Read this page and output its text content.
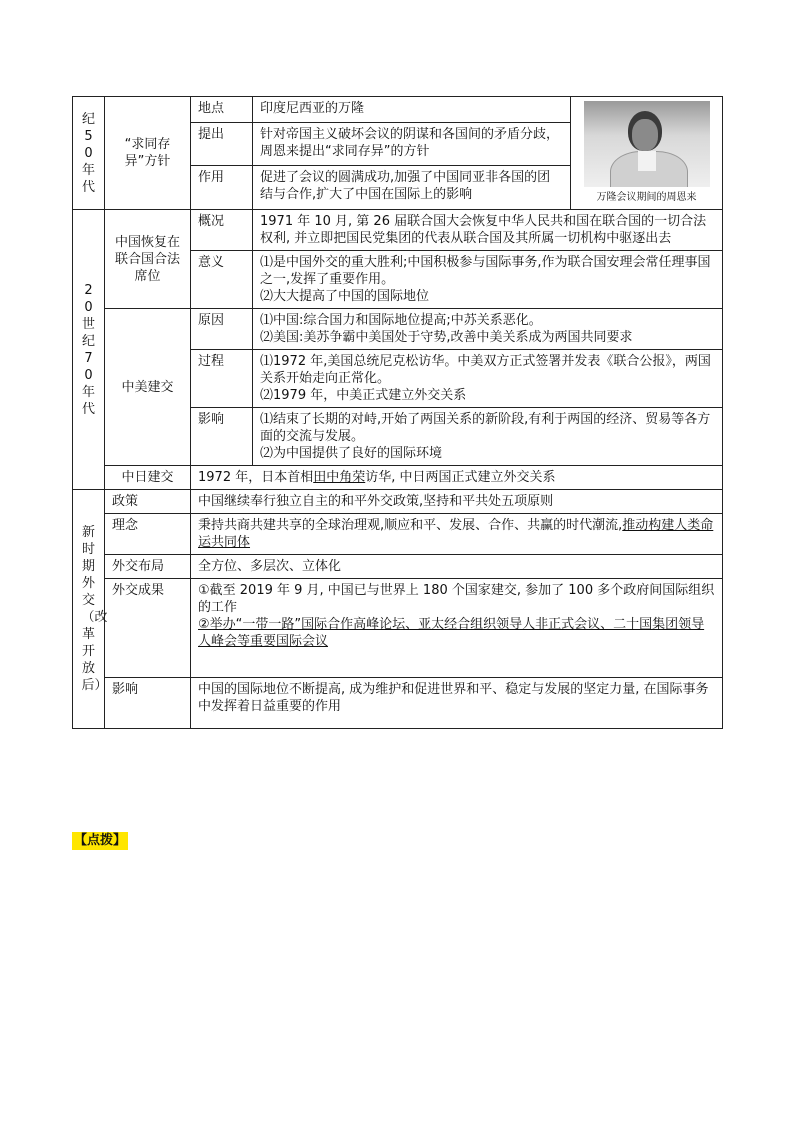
纪50年代	“求同存异”方针	地点	印度尼西亚的万隆	万隆会议期间的周恩来

		提出	针对帝国主义破坏会议的阴谋和各国间的矛盾分歧，周恩来提出“求同存异”的方针	
		作用	促进了会议的圆满成功,加强了中国同亚非各国的团结与合作,扩大了中国在国际上的影响	

20世纪70年代	中国恢复在联合国合法席位	概况	1971 年 10 月, 第 26 届联合国大会恢复中华人民共和国在联合国的一切合法权利, 并立即把国民党集团的代表从联合国及其所属一切机构中驱逐出去	
		意义	⑴是中国外交的重大胜利;中国积极参与国际事务,作为联合国安理会常任理事国之一,发挥了重要作用。
⑵大大提高了中国的国际地位	

	中美建交	原因	⑴中国:综合国力和国际地位提高;中苏关系恶化。
⑵美国:美苏争霸中美国处于守势,改善中美关系成为两国共同要求	

		过程	⑴1972 年,美国总统尼克松访华。中美双方正式签署并发表《联合公报》，两国关系开始走向正常化。
⑵1979 年，中美正式建立外交关系	

		影响	⑴结束了长期的对峙,开始了两国关系的新阶段,有利于两国的经济、贸易等各方面的交流与发展。
⑵为中国提供了良好的国际环境	

	中日建交	1972 年，日本首相田中角荣访华, 中日两国正式建立外交关系		

新时期外交（改革开放后）	政策	中国继续奉行独立自主的和平外交政策,坚持和平共处五项原则		
	理念	秉持共商共建共享的全球治理观,顺应和平、发展、合作、共赢的时代潮流,推动构建人类命运共同体		
	外交布局	全方位、多层次、立体化		
	外交成果	①截至 2019 年 9 月, 中国已与世界上 180 个国家建交, 参加了 100 多个政府间国际组织的工作
②举办“一带一路”国际合作高峰论坛、亚太经合组织领导人非正式会议、二十国集团领导人峰会等重要国际会议		

	影响	中国的国际地位不断提高, 成为维护和促进世界和平、稳定与发展的坚定力量, 在国际事务中发挥着日益重要的作用		
【点拨】
